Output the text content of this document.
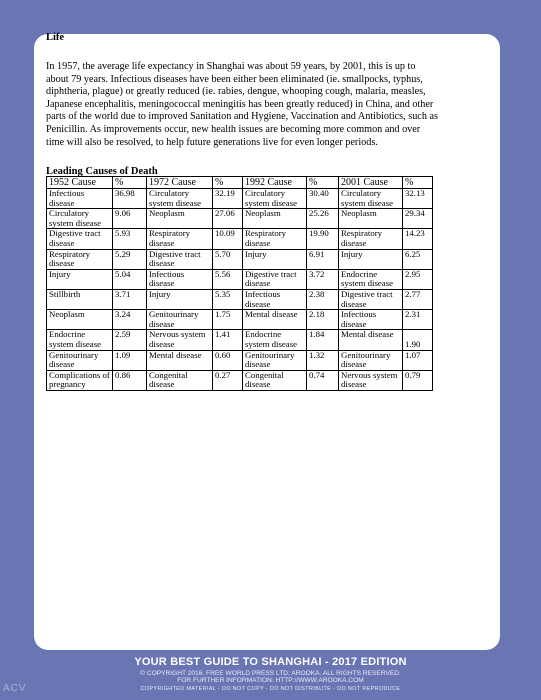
Life

In 1957, the average life expectancy in Shanghai was about 59 years, by 2001, this is up to about 79 years. Infectious diseases have been either been eliminated (ie. smallpocks, typhus, diphtheria, plague) or greatly reduced (ie. rabies, dengue, whooping cough, malaria, measles, Japanese encephalitis, meningococcal meningitis has been greatly reduced) in China, and other parts of the world due to improved Sanitation and Hygiene, Vaccination and Antibiotics, such as Penicillin. As improvements occur, new health issues are becoming more common and over time will also be resolved, to help future generations live for even longer periods.

Leading Causes of Death
1952 Cause	%	1972 Cause	%	1992 Cause	%	2001 Cause	%
Infectious disease	36.98	Circulatory system disease	32.19	Circulatory system disease	30.40	Circulatory system disease	32.13
Circulatory system disease	9.06	Neoplasm	27.06	Neoplasm	25.26	Neoplasm	29.34
Digestive tract disease	5.93	Respiratory disease	10.09	Respiratory disease	19.90	Respiratory disease	14.23
Respiratory disease	5.29	Digestive tract disease	5.70	Injury	6.91	Injury	6.25
Injury	5.04	Infectious disease	5.56	Digestive tract disease	3.72	Endocrine system disease	2.95
Stillbirth	3.71	Injury	5.35	Infectious disease	2.38	Digestive tract disease	2.77
Neoplasm	3.24	Genitourinary disease	1.75	Mental disease	2.18	Infectious disease	2.31
Endocrine system disease	2.59	Nervous system disease	1.41	Endocrine system disease	1.84	Mental disease	1.90
Genitourinary disease	1.09	Mental disease	0.60	Genitourinary disease	1.32	Genitourinary disease	1.07
Complications of pregnancy	0.86	Congenital disease	0.27	Congenital disease	0.74	Nervous system disease	0.79
YOUR BEST GUIDE TO SHANGHAI - 2017 EDITION
© COPYRIGHT 2016. FREE WORLD PRESS LTD; AROOKA. ALL RIGHTS RESERVED.
FOR FURTHER INFORMATION: HTTP://WWW.AROOKA.COM
COPYRIGHTED MATERIAL - DO NOT COPY - DO NOT DISTRIBUTE - DO NOT REPRODUCE
ACV
